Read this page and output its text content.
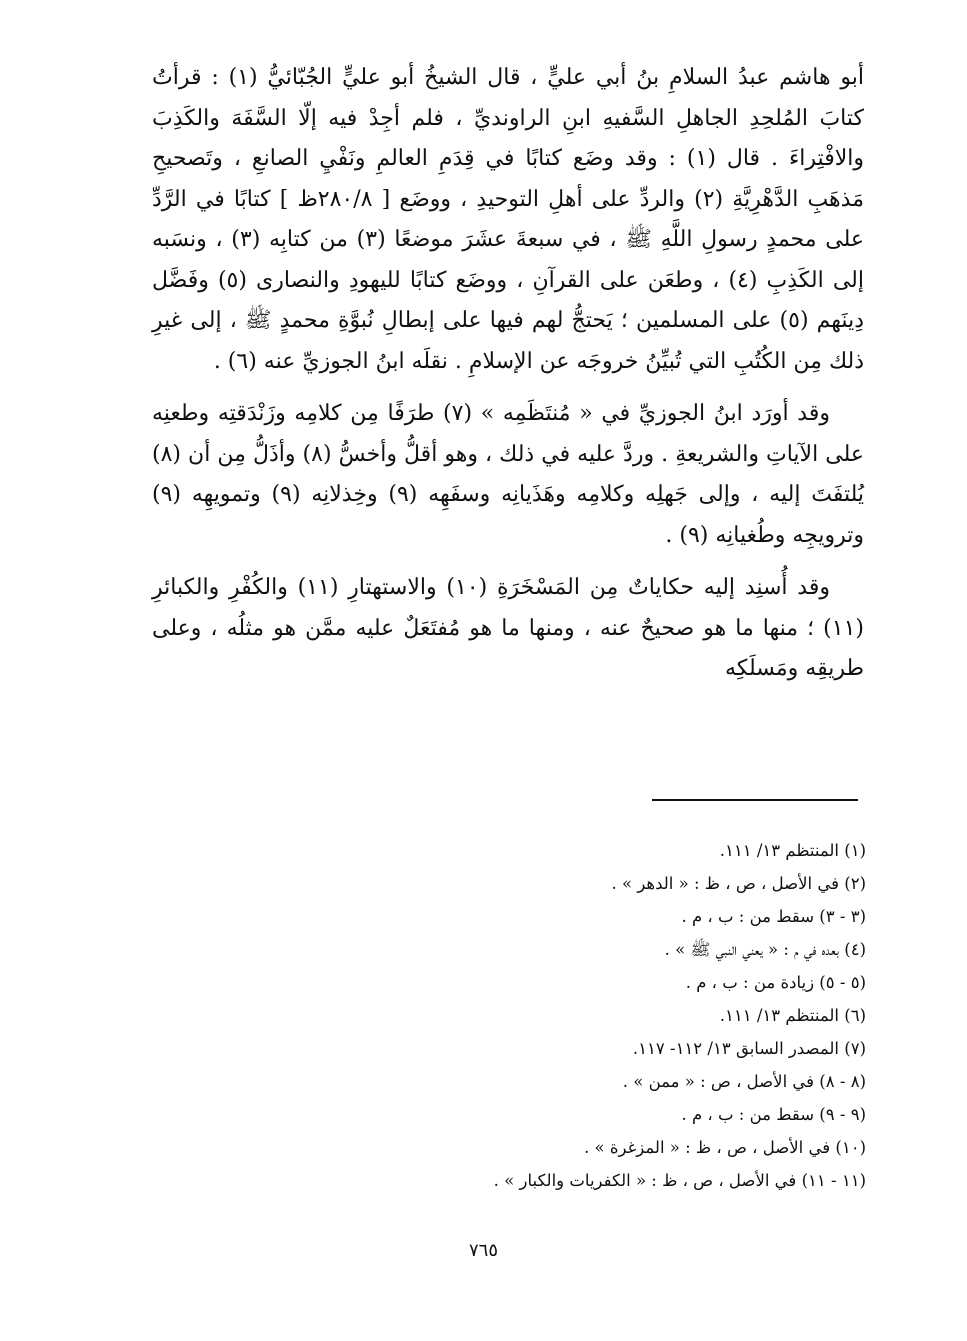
أبو هاشم عبدُ السلامِ بنُ أبي عليٍّ ، قال الشيخُ أبو عليٍّ الجُبّائيُّ (١) : قرأتُ كتابَ المُلحِدِ الجاهلِ السَّفيهِ ابنِ الراونديِّ ، فلم أجِدْ فيه إلّا السَّفَهَ والكَذِبَ والافْتِراءَ . قال (١) : وقد وضَع كتابًا في قِدَمِ العالمِ ونَفْيِ الصانعِ ، وتَصحيحِ مَذهَبِ الدَّهْرِيَّةِ (٢) والردِّ على أهلِ التوحيدِ ، ووضَع [ ٢٨٠/٨ظ ] كتابًا في الرَّدِّ على محمدٍ رسولِ اللَّهِ ﷺ ، في سبعةَ عشَرَ موضعًا (٣) من كتابِه (٣) ، ونسَبه إلى الكَذِبِ (٤) ، وطعَن على القرآنِ ، ووضَع كتابًا لليهودِ والنصارى (٥) وفَضَّل دِينَهم (٥) على المسلمين ؛ يَحتجُّ لهم فيها على إبطالِ نُبوَّةِ محمدٍ ﷺ ، إلى غيرِ ذلك مِن الكُتُبِ التي تُبيِّنُ خروجَه عن الإسلامِ . نقلَه ابنُ الجوزيِّ عنه (٦) .

وقد أورَد ابنُ الجوزيِّ في « مُنتَظَمِه » (٧) طرَفًا مِن كلامِه وزَنْدَقتِه وطعنِه على الآياتِ والشريعةِ . وردَّ عليه في ذلك ، وهو أقلُّ وأخسُّ (٨) وأذَلُّ مِن أن (٨) يُلتفَتَ إليه ، وإلى جَهلِه وكلامِه وهَذَيانِه وسفَهِه (٩) وخِذلانِه (٩) وتمويهِه (٩) وترويجِه وطُغيانِه (٩) .

وقد أُسنِد إليه حكاياتٌ مِن المَسْخَرَةِ (١٠) والاستهتارِ (١١) والكُفْرِ والكبائرِ (١١) ؛ منها ما هو صحيحٌ عنه ، ومنها ما هو مُفتَعَلٌ عليه ممَّن هو مثلُه ، وعلى طريقِه ومَسلَكِه

(١) المنتظم ١٣/ ١١١.
(٢) في الأصل ، ص ، ظ : « الدهر » .
(٣ - ٣) سقط من : ب ، م .
(٤) بعده في م : « يعني النبي ﷺ » .
(٥ - ٥) زيادة من : ب ، م .
(٦) المنتظم ١٣/ ١١١.
(٧) المصدر السابق ١٣/ ١١٢- ١١٧.
(٨ - ٨) في الأصل ، ص : « ممن » .
(٩ - ٩) سقط من : ب ، م .
(١٠) في الأصل ، ص ، ظ : « المزغرة » .
(١١ - ١١) في الأصل ، ص ، ظ : « الكفريات والكبار » .
٧٦٥
